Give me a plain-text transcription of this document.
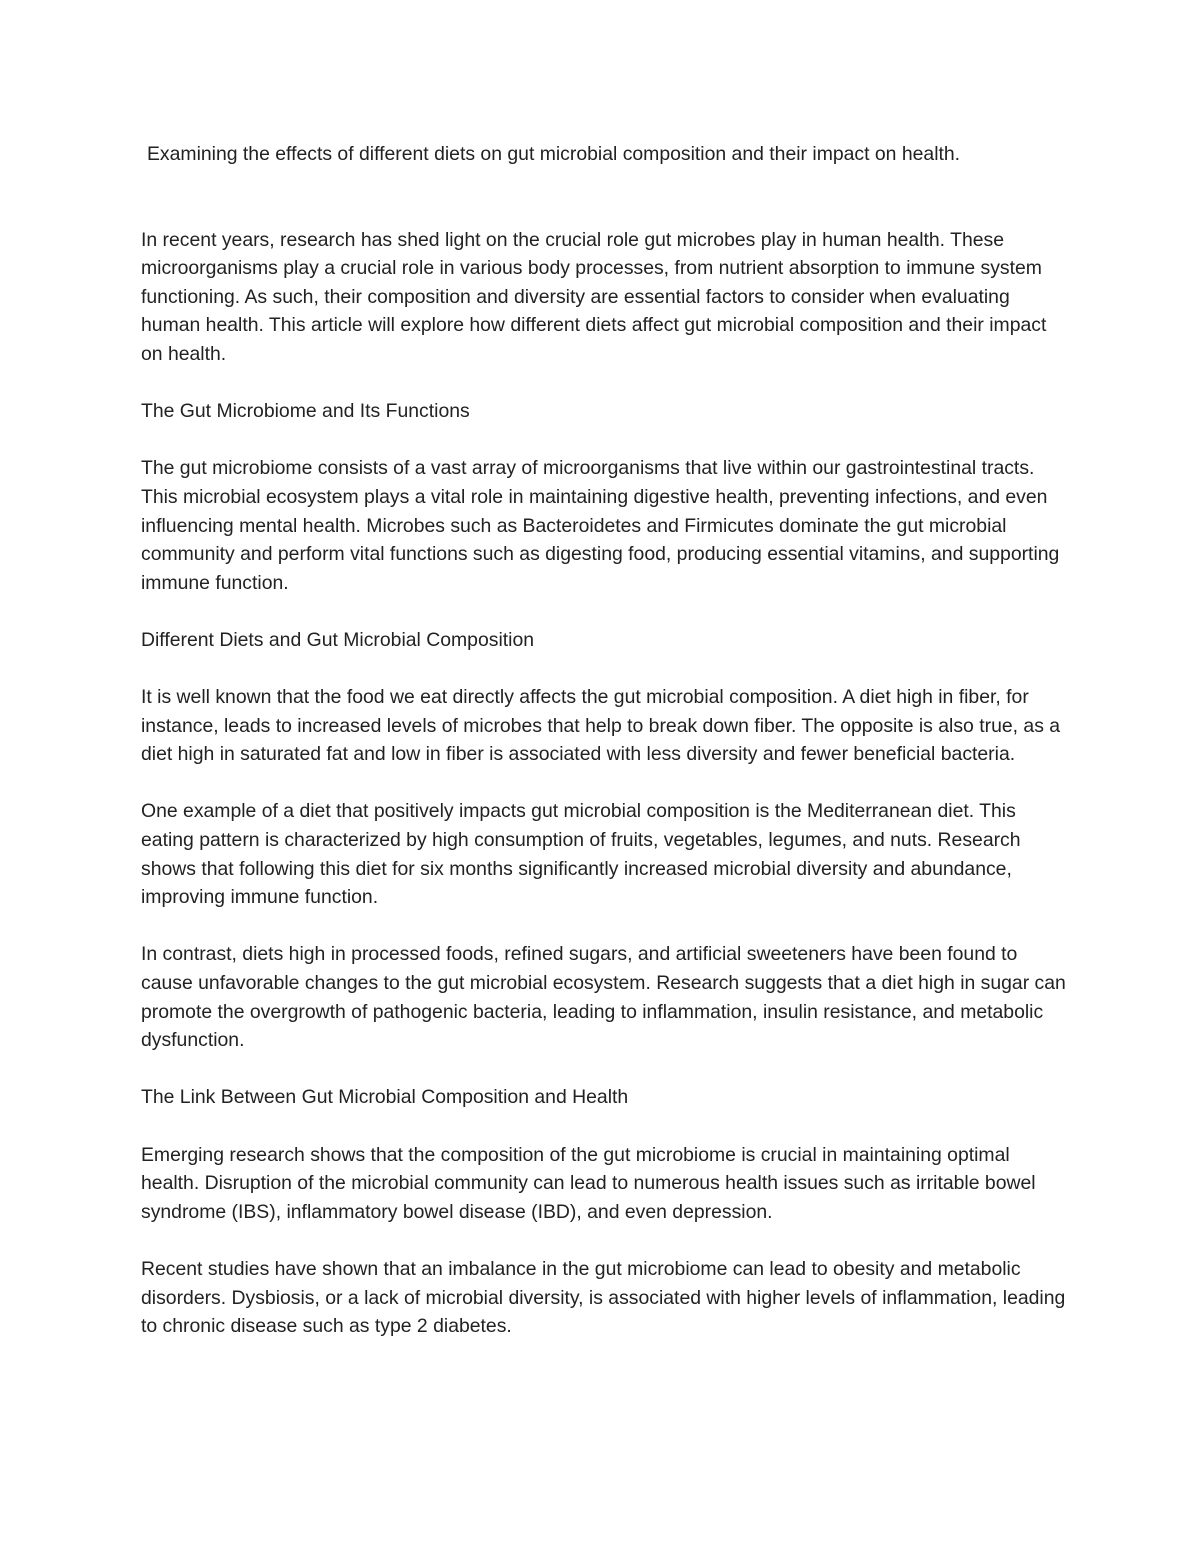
Examining the effects of different diets on gut microbial composition and their impact on health.

In recent years, research has shed light on the crucial role gut microbes play in human health. These microorganisms play a crucial role in various body processes, from nutrient absorption to immune system functioning. As such, their composition and diversity are essential factors to consider when evaluating human health. This article will explore how different diets affect gut microbial composition and their impact on health.

The Gut Microbiome and Its Functions

The gut microbiome consists of a vast array of microorganisms that live within our gastrointestinal tracts. This microbial ecosystem plays a vital role in maintaining digestive health, preventing infections, and even influencing mental health. Microbes such as Bacteroidetes and Firmicutes dominate the gut microbial community and perform vital functions such as digesting food, producing essential vitamins, and supporting immune function.

Different Diets and Gut Microbial Composition

It is well known that the food we eat directly affects the gut microbial composition. A diet high in fiber, for instance, leads to increased levels of microbes that help to break down fiber. The opposite is also true, as a diet high in saturated fat and low in fiber is associated with less diversity and fewer beneficial bacteria.

One example of a diet that positively impacts gut microbial composition is the Mediterranean diet. This eating pattern is characterized by high consumption of fruits, vegetables, legumes, and nuts. Research shows that following this diet for six months significantly increased microbial diversity and abundance, improving immune function.

In contrast, diets high in processed foods, refined sugars, and artificial sweeteners have been found to cause unfavorable changes to the gut microbial ecosystem. Research suggests that a diet high in sugar can promote the overgrowth of pathogenic bacteria, leading to inflammation, insulin resistance, and metabolic dysfunction.

The Link Between Gut Microbial Composition and Health

Emerging research shows that the composition of the gut microbiome is crucial in maintaining optimal health. Disruption of the microbial community can lead to numerous health issues such as irritable bowel syndrome (IBS), inflammatory bowel disease (IBD), and even depression.

Recent studies have shown that an imbalance in the gut microbiome can lead to obesity and metabolic disorders. Dysbiosis, or a lack of microbial diversity, is associated with higher levels of inflammation, leading to chronic disease such as type 2 diabetes.
